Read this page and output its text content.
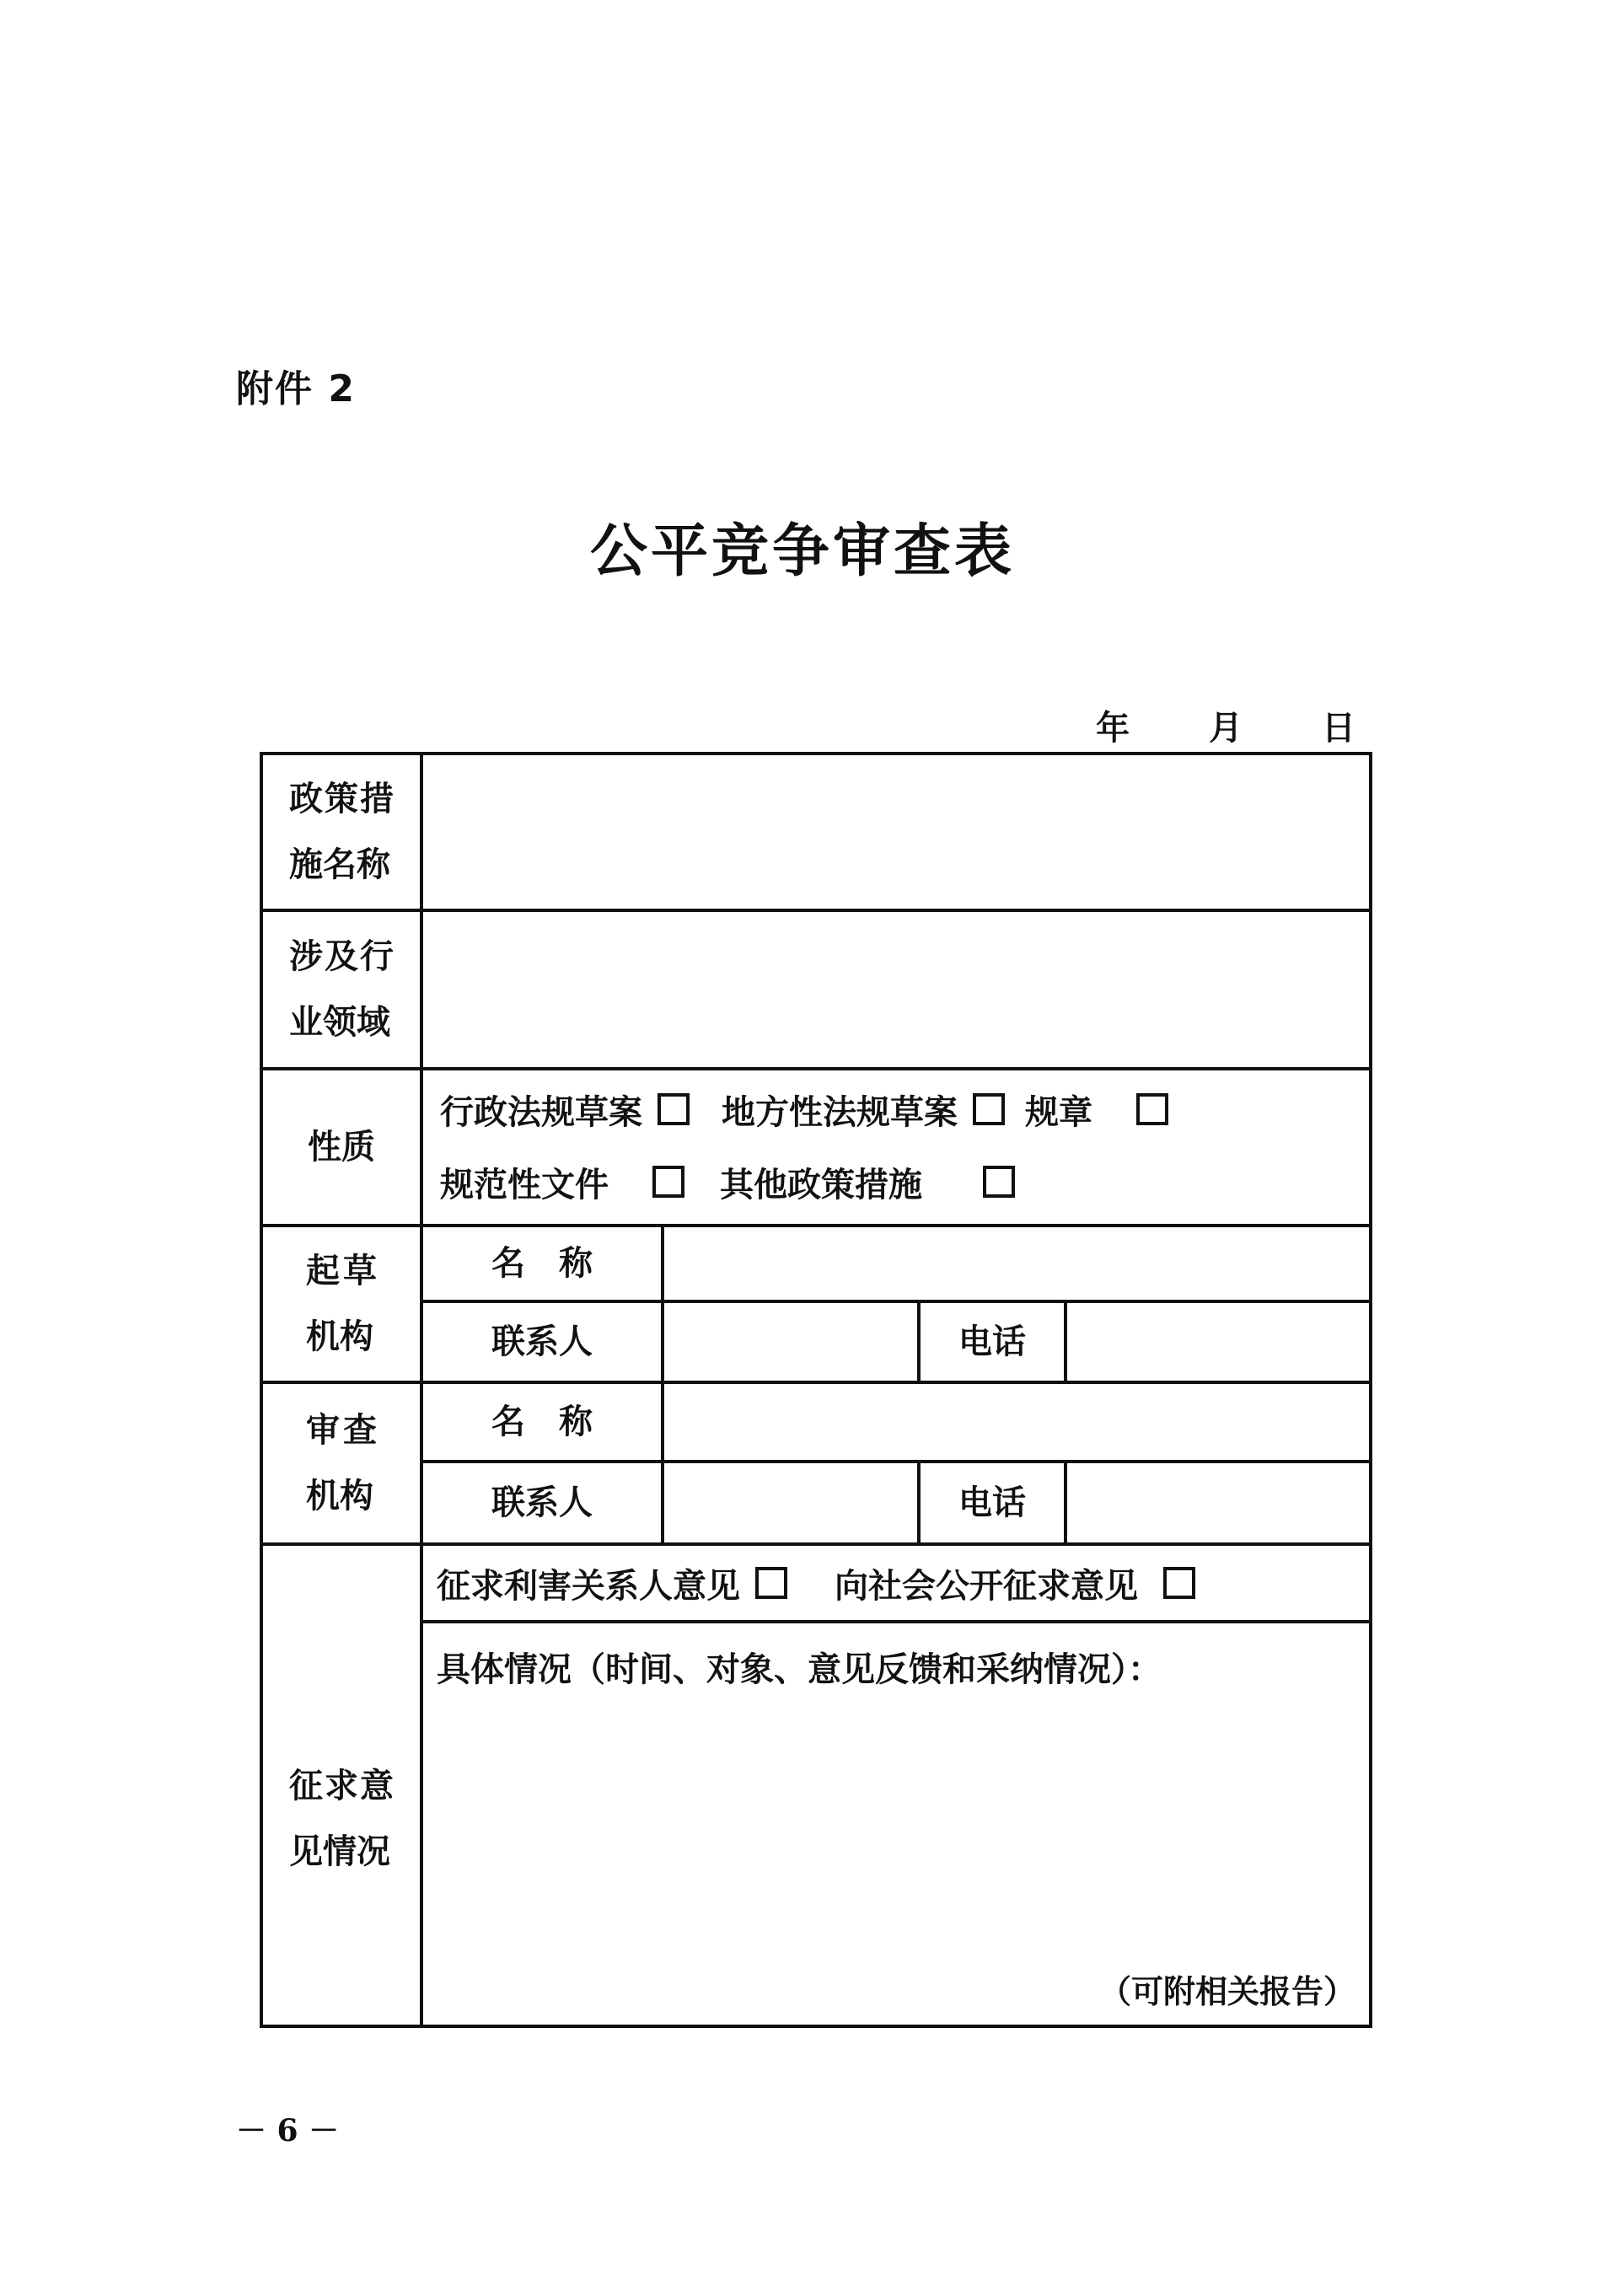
附件 2
公平竞争审查表
年 月 日
政策措施名称
涉及行业领域
性质
行政法规草案 地方性法规草案 规章
规范性文件	其他政策措施
起草机构
名　称
联系人	电话
审查机构
名　称
联系人	电话
征求意见情况
征求利害关系人意见	向社会公开征求意见
具体情况（时间、对象、意见反馈和采纳情况）：
（可附相关报告）
－ 6 －
